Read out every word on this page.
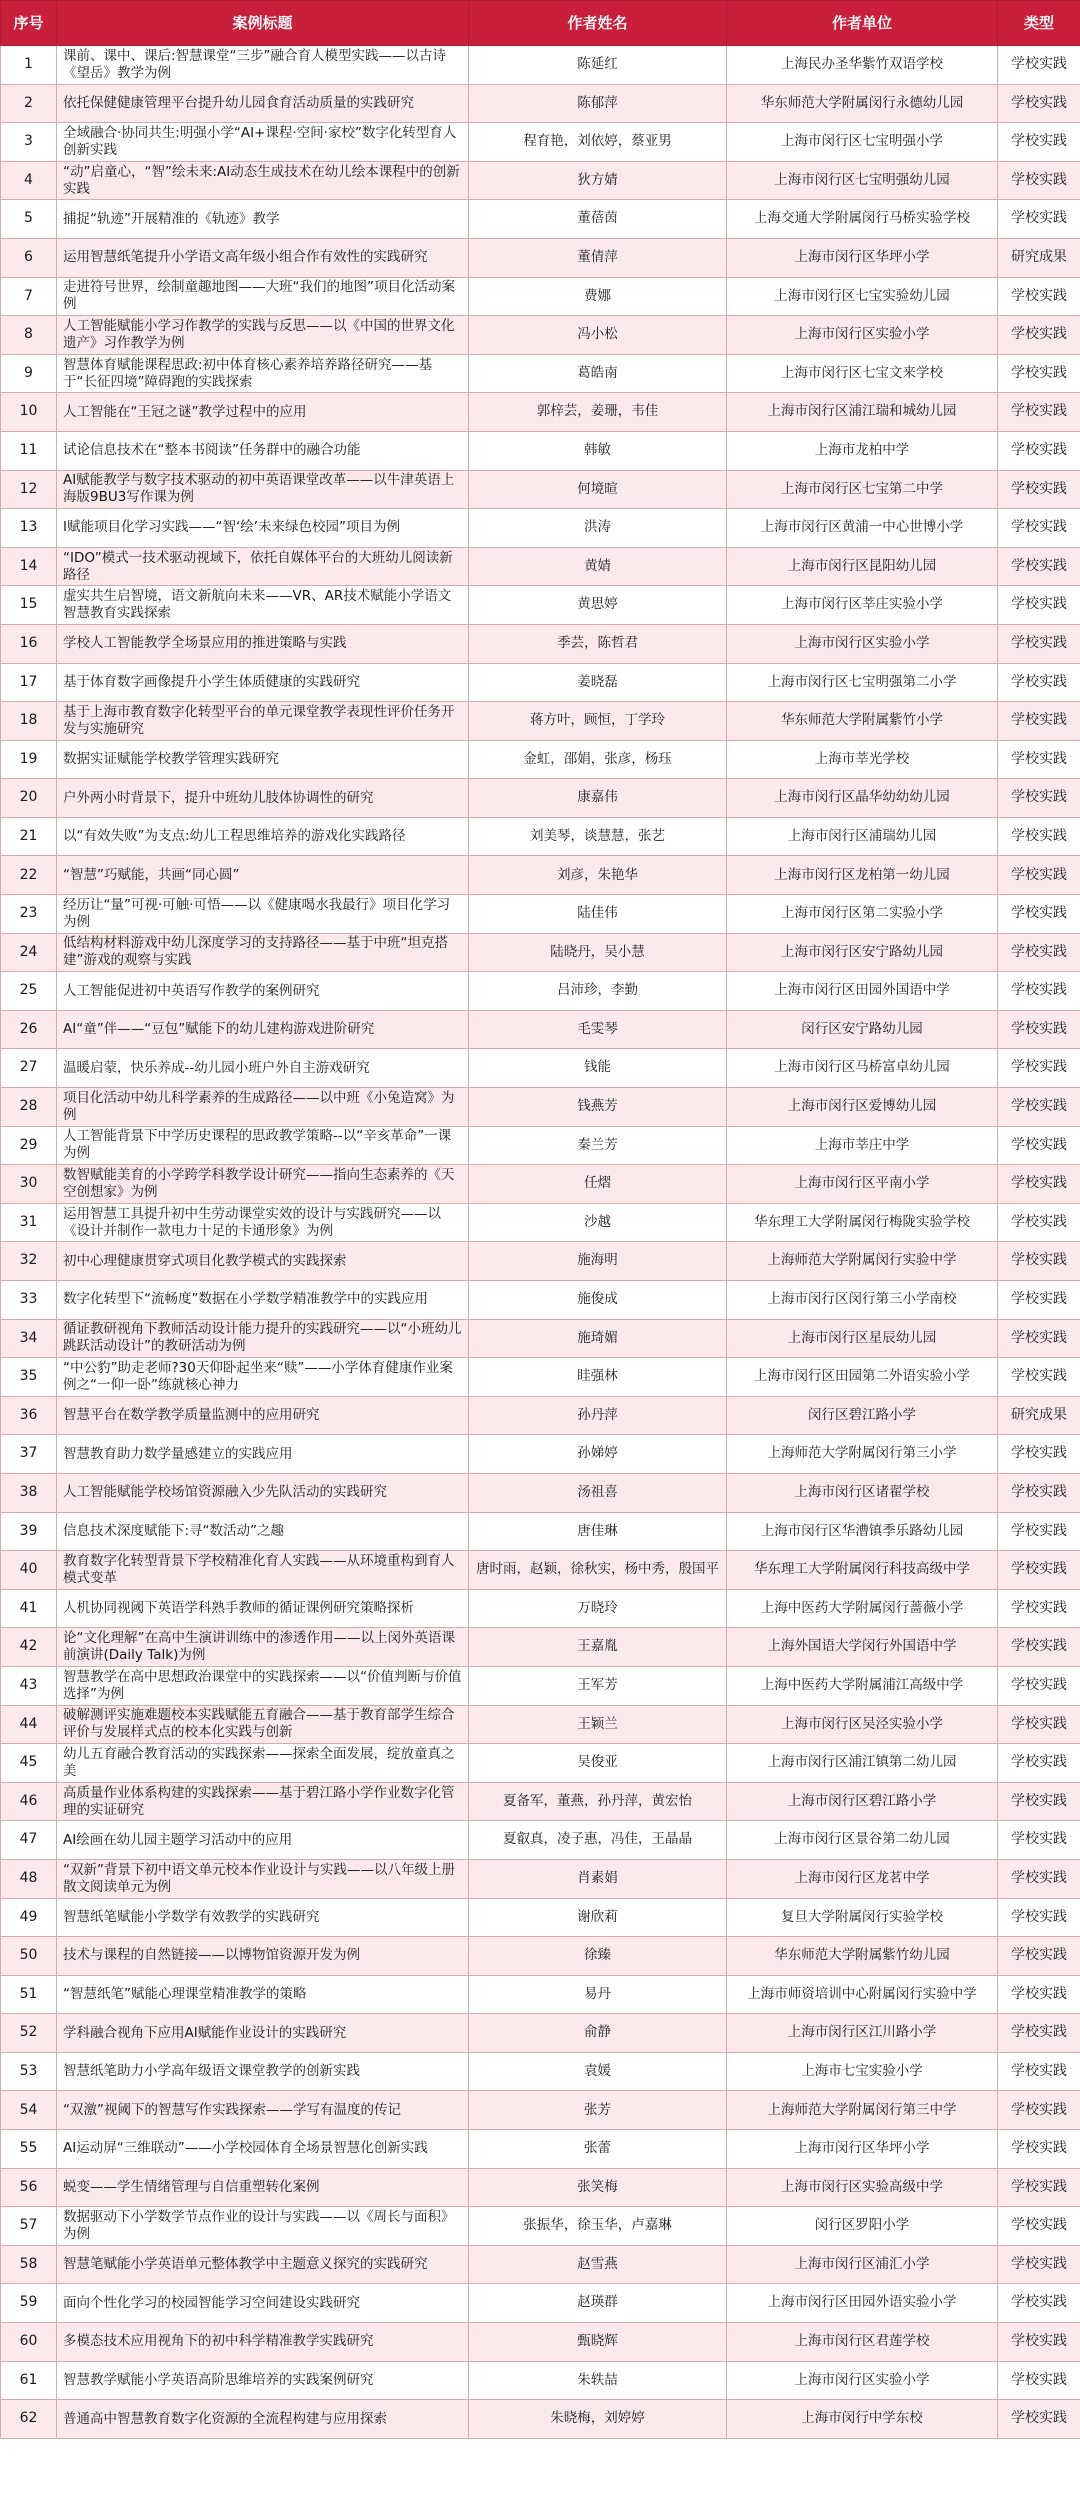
序号	案例标题	作者姓名	作者单位	类型
1	课前、课中、课后:智慧课堂“三步”融合育人模型实践——以古诗《望岳》教学为例	陈延红	上海民办圣华紫竹双语学校	学校实践
2	依托保健健康管理平台提升幼儿园食育活动质量的实践研究	陈郁萍	华东师范大学附属闵行永德幼儿园	学校实践
3	全域融合·协同共生:明强小学“AI+课程·空间·家校”数字化转型育人创新实践	程育艳，刘依婷，蔡亚男	上海市闵行区七宝明强小学	学校实践
4	“动”启童心，“智”绘未来:AI动态生成技术在幼儿绘本课程中的创新实践	狄方婧	上海市闵行区七宝明强幼儿园	学校实践
5	捕捉“轨迹”开展精准的《轨迹》教学	董蓓茵	上海交通大学附属闵行马桥实验学校	学校实践
6	运用智慧纸笔提升小学语文高年级小组合作有效性的实践研究	董倩萍	上海市闵行区华坪小学	研究成果
7	走进符号世界，绘制童趣地图——大班“我们的地图”项目化活动案例	费娜	上海市闵行区七宝实验幼儿园	学校实践
8	人工智能赋能小学习作教学的实践与反思——以《中国的世界文化遗产》习作教学为例	冯小松	上海市闵行区实验小学	学校实践
9	智慧体育赋能课程思政:初中体育核心素养培养路径研究——基于“长征四境”障碍跑的实践探索	葛皓南	上海市闵行区七宝文来学校	学校实践
10	人工智能在“王冠之谜”教学过程中的应用	郭梓芸，姜珊，韦佳	上海市闵行区浦江瑞和城幼儿园	学校实践
11	试论信息技术在“整本书阅读”任务群中的融合功能	韩敏	上海市龙柏中学	学校实践
12	AI赋能教学与数字技术驱动的初中英语课堂改革——以牛津英语上海版9BU3写作课为例	何境暄	上海市闵行区七宝第二中学	学校实践
13	I赋能项目化学习实践——“智‘绘’未来绿色校园”项目为例	洪涛	上海市闵行区黄浦一中心世博小学	学校实践
14	“IDO”模式一技术驱动视域下，依托自媒体平台的大班幼儿阅读新路径	黄婧	上海市闵行区昆阳幼儿园	学校实践
15	虚实共生启智境，语文新航向未来——VR、AR技术赋能小学语文智慧教育实践探索	黄思婷	上海市闵行区莘庄实验小学	学校实践
16	学校人工智能教学全场景应用的推进策略与实践	季芸，陈哲君	上海市闵行区实验小学	学校实践
17	基于体育数字画像提升小学生体质健康的实践研究	姜晓磊	上海市闵行区七宝明强第二小学	学校实践
18	基于上海市教育数字化转型平台的单元课堂教学表现性评价任务开发与实施研究	蒋方叶，顾恒，丁学玲	华东师范大学附属紫竹小学	学校实践
19	数据实证赋能学校教学管理实践研究	金虹，邵娟，张彦，杨珏	上海市莘光学校	学校实践
20	户外两小时背景下，提升中班幼儿肢体协调性的研究	康嘉伟	上海市闵行区晶华幼幼幼儿园	学校实践
21	以“有效失败”为支点:幼儿工程思维培养的游戏化实践路径	刘美琴，谈慧慧，张艺	上海市闵行区浦瑞幼儿园	学校实践
22	“智慧”巧赋能，共画“同心圆”	刘彦，朱艳华	上海市闵行区龙柏第一幼儿园	学校实践
23	经历让“量”可视·可触·可悟——以《健康喝水我最行》项目化学习为例	陆佳伟	上海市闵行区第二实验小学	学校实践
24	低结构材料游戏中幼儿深度学习的支持路径——基于中班“坦克搭建”游戏的观察与实践	陆晓丹，吴小慧	上海市闵行区安宁路幼儿园	学校实践
25	人工智能促进初中英语写作教学的案例研究	吕沛珍，李勤	上海市闵行区田园外国语中学	学校实践
26	AI“童”伴——“豆包”赋能下的幼儿建构游戏进阶研究	毛雯琴	闵行区安宁路幼儿园	学校实践
27	温暖启蒙，快乐养成--幼儿园小班户外自主游戏研究	钱能	上海市闵行区马桥富卓幼儿园	学校实践
28	项目化活动中幼儿科学素养的生成路径——以中班《小兔造窝》为例	钱燕芳	上海市闵行区爱博幼儿园	学校实践
29	人工智能背景下中学历史课程的思政教学策略--以“辛亥革命”一课为例	秦兰芳	上海市莘庄中学	学校实践
30	数智赋能美育的小学跨学科教学设计研究——指向生态素养的《天空创想家》为例	任熠	上海市闵行区平南小学	学校实践
31	运用智慧工具提升初中生劳动课堂实效的设计与实践研究——以《设计并制作一款电力十足的卡通形象》为例	沙越	华东理工大学附属闵行梅陇实验学校	学校实践
32	初中心理健康贯穿式项目化教学模式的实践探索	施海明	上海师范大学附属闵行实验中学	学校实践
33	数字化转型下“流畅度”数据在小学数学精准教学中的实践应用	施俊成	上海市闵行区闵行第三小学南校	学校实践
34	循证教研视角下教师活动设计能力提升的实践研究——以“小班幼儿跳跃活动设计”的教研活动为例	施琦媚	上海市闵行区星辰幼儿园	学校实践
35	“中公豹”助走老师?30天仰卧起坐来“赎”——小学体育健康作业案例之“一仰一卧”练就核心神力	眭强林	上海市闵行区田园第二外语实验小学	学校实践
36	智慧平台在数学教学质量监测中的应用研究	孙丹萍	闵行区碧江路小学	研究成果
37	智慧教育助力数学量感建立的实践应用	孙娣婷	上海师范大学附属闵行第三小学	学校实践
38	人工智能赋能学校场馆资源融入少先队活动的实践研究	汤祖喜	上海市闵行区诸翟学校	学校实践
39	信息技术深度赋能下:寻“数活动”之趣	唐佳琳	上海市闵行区华漕镇季乐路幼儿园	学校实践
40	教育数字化转型背景下学校精准化育人实践——从环境重构到育人模式变革	唐时雨，赵颖，徐秋实，杨中秀，殷国平	华东理工大学附属闵行科技高级中学	学校实践
41	人机协同视阈下英语学科熟手教师的循证课例研究策略探析	万晓玲	上海中医药大学附属闵行蔷薇小学	学校实践
42	论“文化理解”在高中生演讲训练中的渗透作用——以上闵外英语课前演讲(Daily Talk)为例	王嘉胤	上海外国语大学闵行外国语中学	学校实践
43	智慧教学在高中思想政治课堂中的实践探索——以“价值判断与价值选择”为例	王军芳	上海中医药大学附属浦江高级中学	学校实践
44	破解测评实施难题校本实践赋能五育融合——基于教育部学生综合评价与发展样式点的校本化实践与创新	王颖兰	上海市闵行区吴泾实验小学	学校实践
45	幼儿五育融合教育活动的实践探索——探索全面发展，绽放童真之美	吴俊亚	上海市闵行区浦江镇第二幼儿园	学校实践
46	高质量作业体系构建的实践探索——基于碧江路小学作业数字化管理的实证研究	夏备军，董燕，孙丹萍，黄宏怡	上海市闵行区碧江路小学	学校实践
47	AI绘画在幼儿园主题学习活动中的应用	夏叡真，凌子惠，冯佳，王晶晶	上海市闵行区景谷第二幼儿园	学校实践
48	“双新”背景下初中语文单元校本作业设计与实践——以八年级上册散文阅读单元为例	肖素娟	上海市闵行区龙茗中学	学校实践
49	智慧纸笔赋能小学数学有效教学的实践研究	谢欣莉	复旦大学附属闵行实验学校	学校实践
50	技术与课程的自然链接——以博物馆资源开发为例	徐臻	华东师范大学附属紫竹幼儿园	学校实践
51	“智慧纸笔”赋能心理课堂精准教学的策略	易丹	上海市师资培训中心附属闵行实验中学	学校实践
52	学科融合视角下应用AI赋能作业设计的实践研究	俞静	上海市闵行区江川路小学	学校实践
53	智慧纸笔助力小学高年级语文课堂教学的创新实践	袁媛	上海市七宝实验小学	学校实践
54	“双激”视阈下的智慧写作实践探索——学写有温度的传记	张芳	上海师范大学附属闵行第三中学	学校实践
55	AI运动屏“三维联动”——小学校园体育全场景智慧化创新实践	张蕾	上海市闵行区华坪小学	学校实践
56	蜕变——学生情绪管理与自信重塑转化案例	张笑梅	上海市闵行区实验高级中学	学校实践
57	数据驱动下小学数学节点作业的设计与实践——以《周长与面积》为例	张振华，徐玉华，卢嘉琳	闵行区罗阳小学	学校实践
58	智慧笔赋能小学英语单元整体教学中主题意义探究的实践研究	赵雪燕	上海市闵行区浦汇小学	学校实践
59	面向个性化学习的校园智能学习空间建设实践研究	赵瑛群	上海市闵行区田园外语实验小学	学校实践
60	多模态技术应用视角下的初中科学精准教学实践研究	甄晓辉	上海市闵行区君莲学校	学校实践
61	智慧教学赋能小学英语高阶思维培养的实践案例研究	朱轶喆	上海市闵行区实验小学	学校实践
62	普通高中智慧教育数字化资源的全流程构建与应用探索	朱晓梅，刘婷婷	上海市闵行中学东校	学校实践
